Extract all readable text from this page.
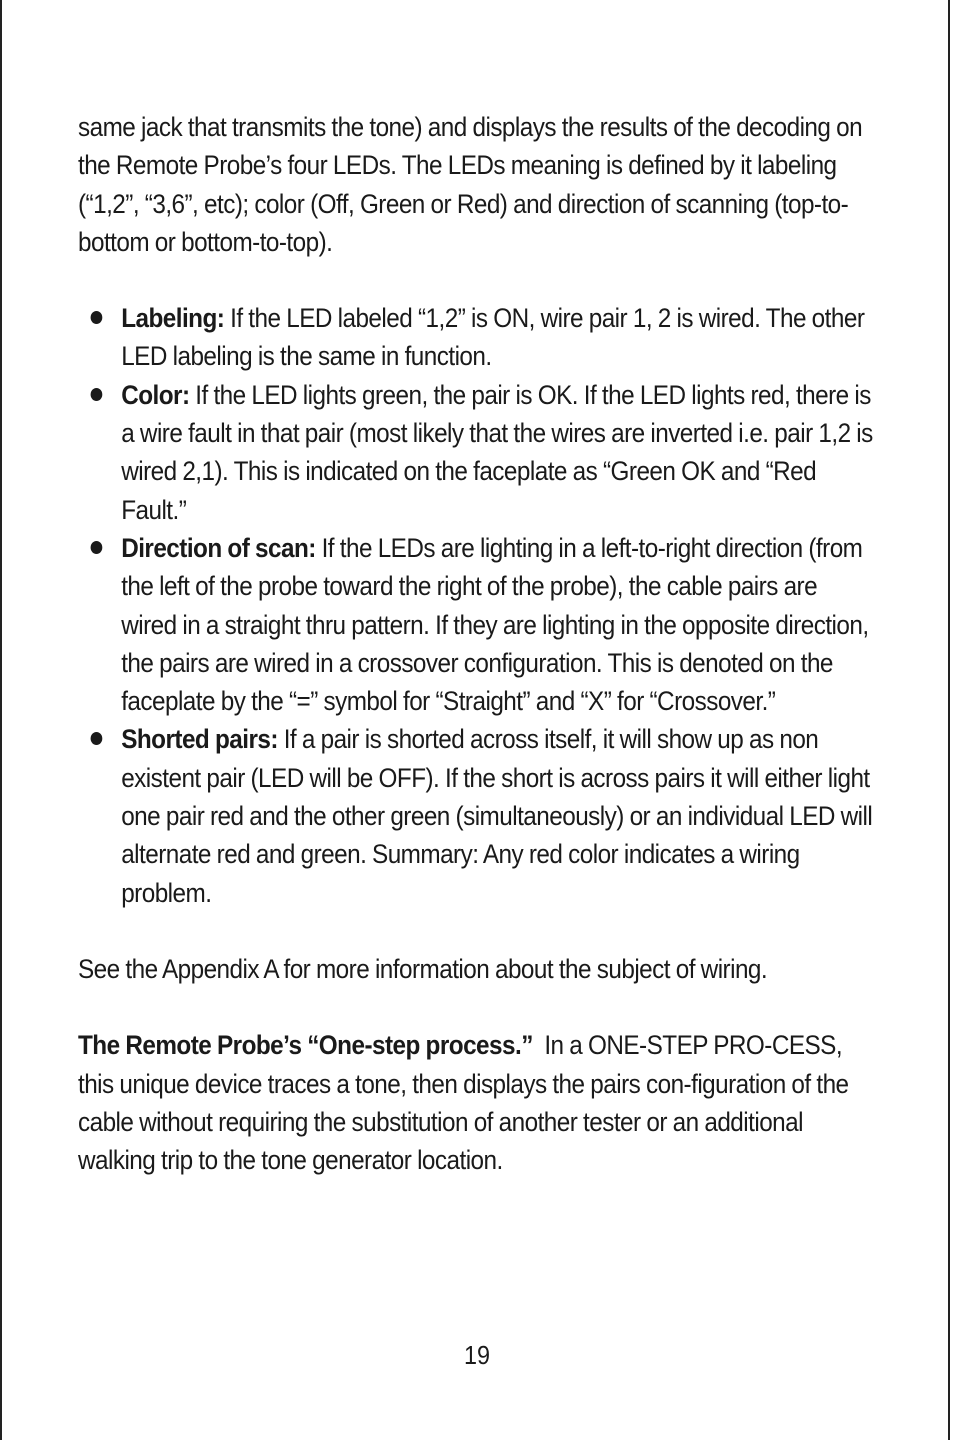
same jack that transmits the tone) and displays the results of the decoding on the Remote Probe’s four LEDs. The LEDs meaning is defined by it labeling (“1,2”, “3,6”, etc); color (Off, Green or Red) and direction of scanning (top-to-bottom or bottom-to-top).

Labeling: If the LED labeled “1,2” is ON, wire pair 1, 2 is wired. The other LED labeling is the same in function.
Color: If the LED lights green, the pair is OK. If the LED lights red, there is a wire fault in that pair (most likely that the wires are inverted i.e. pair 1,2 is wired 2,1). This is indicated on the faceplate as “Green OK and “Red Fault.”
Direction of scan: If the LEDs are lighting in a left-to-right direction (from the left of the probe toward the right of the probe), the cable pairs are wired in a straight thru pattern. If they are lighting in the opposite direction, the pairs are wired in a crossover configuration. This is denoted on the faceplate by the “=” symbol for “Straight” and “X” for “Crossover.”
Shorted pairs: If a pair is shorted across itself, it will show up as non existent pair (LED will be OFF). If the short is across pairs it will either light one pair red and the other green (simultaneously) or an individual LED will alternate red and green. Summary: Any red color indicates a wiring problem.

See the Appendix A for more information about the subject of wiring.

The Remote Probe’s “One-step process.”  In a ONE-STEP PRO-CESS, this unique device traces a tone, then displays the pairs con-figuration of the cable without requiring the substitution of another tester or an additional walking trip to the tone generator location.

19
